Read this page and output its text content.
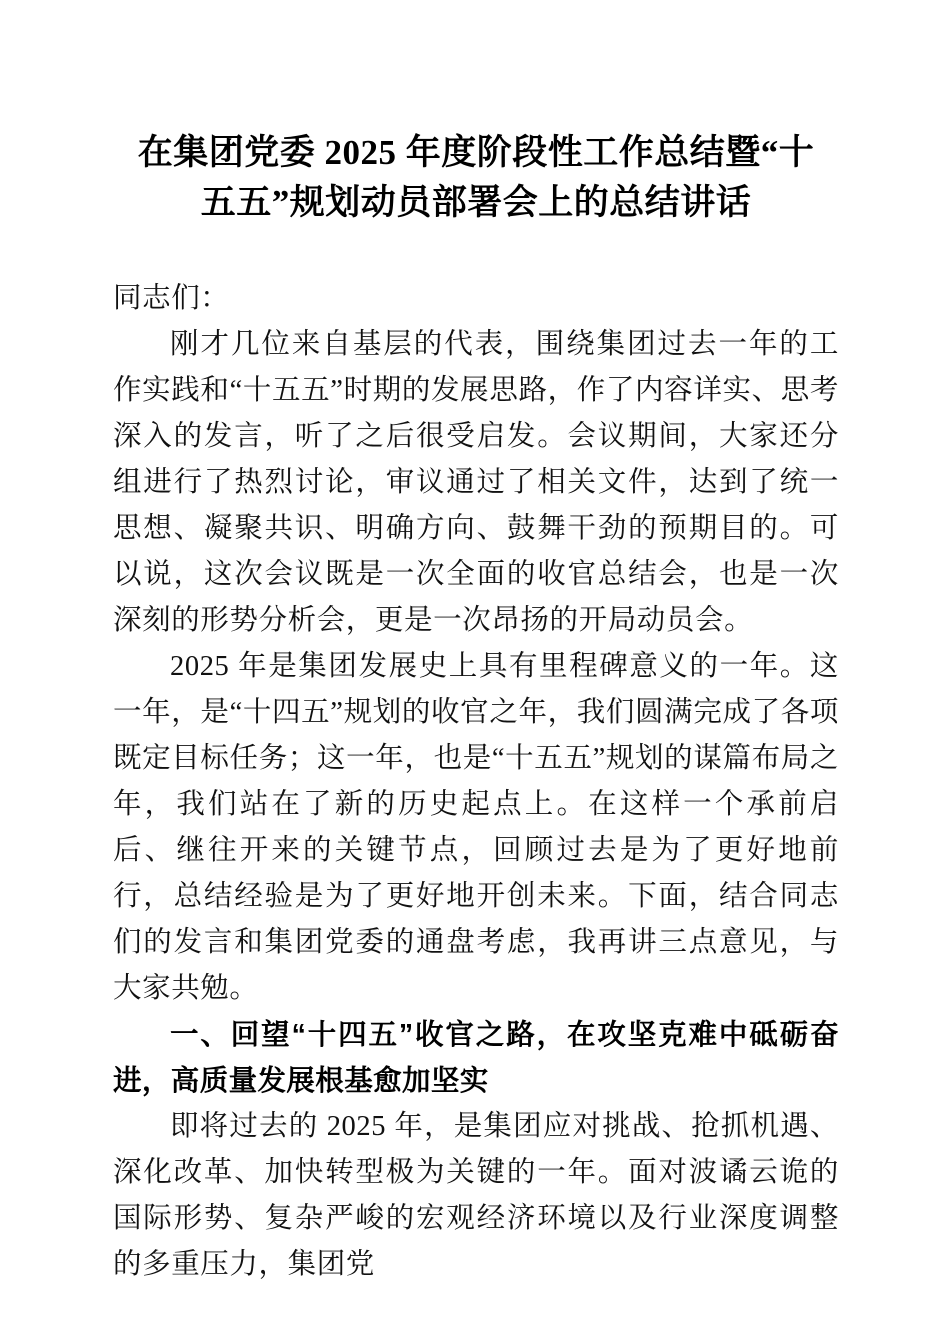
在集团党委 2025 年度阶段性工作总结暨“十
五五”规划动员部署会上的总结讲话

同志们：

刚才几位来自基层的代表，围绕集团过去一年的工作实践和“十五五”时期的发展思路，作了内容详实、思考深入的发言，听了之后很受启发。会议期间，大家还分组进行了热烈讨论，审议通过了相关文件，达到了统一思想、凝聚共识、明确方向、鼓舞干劲的预期目的。可以说，这次会议既是一次全面的收官总结会，也是一次深刻的形势分析会，更是一次昂扬的开局动员会。

2025 年是集团发展史上具有里程碑意义的一年。这一年，是“十四五”规划的收官之年，我们圆满完成了各项既定目标任务；这一年，也是“十五五”规划的谋篇布局之年，我们站在了新的历史起点上。在这样一个承前启后、继往开来的关键节点，回顾过去是为了更好地前行，总结经验是为了更好地开创未来。下面，结合同志们的发言和集团党委的通盘考虑，我再讲三点意见，与大家共勉。

一、回望“十四五”收官之路，在攻坚克难中砥砺奋进，高质量发展根基愈加坚实

即将过去的 2025 年，是集团应对挑战、抢抓机遇、深化改革、加快转型极为关键的一年。面对波谲云诡的国际形势、复杂严峻的宏观经济环境以及行业深度调整的多重压力，集团党
